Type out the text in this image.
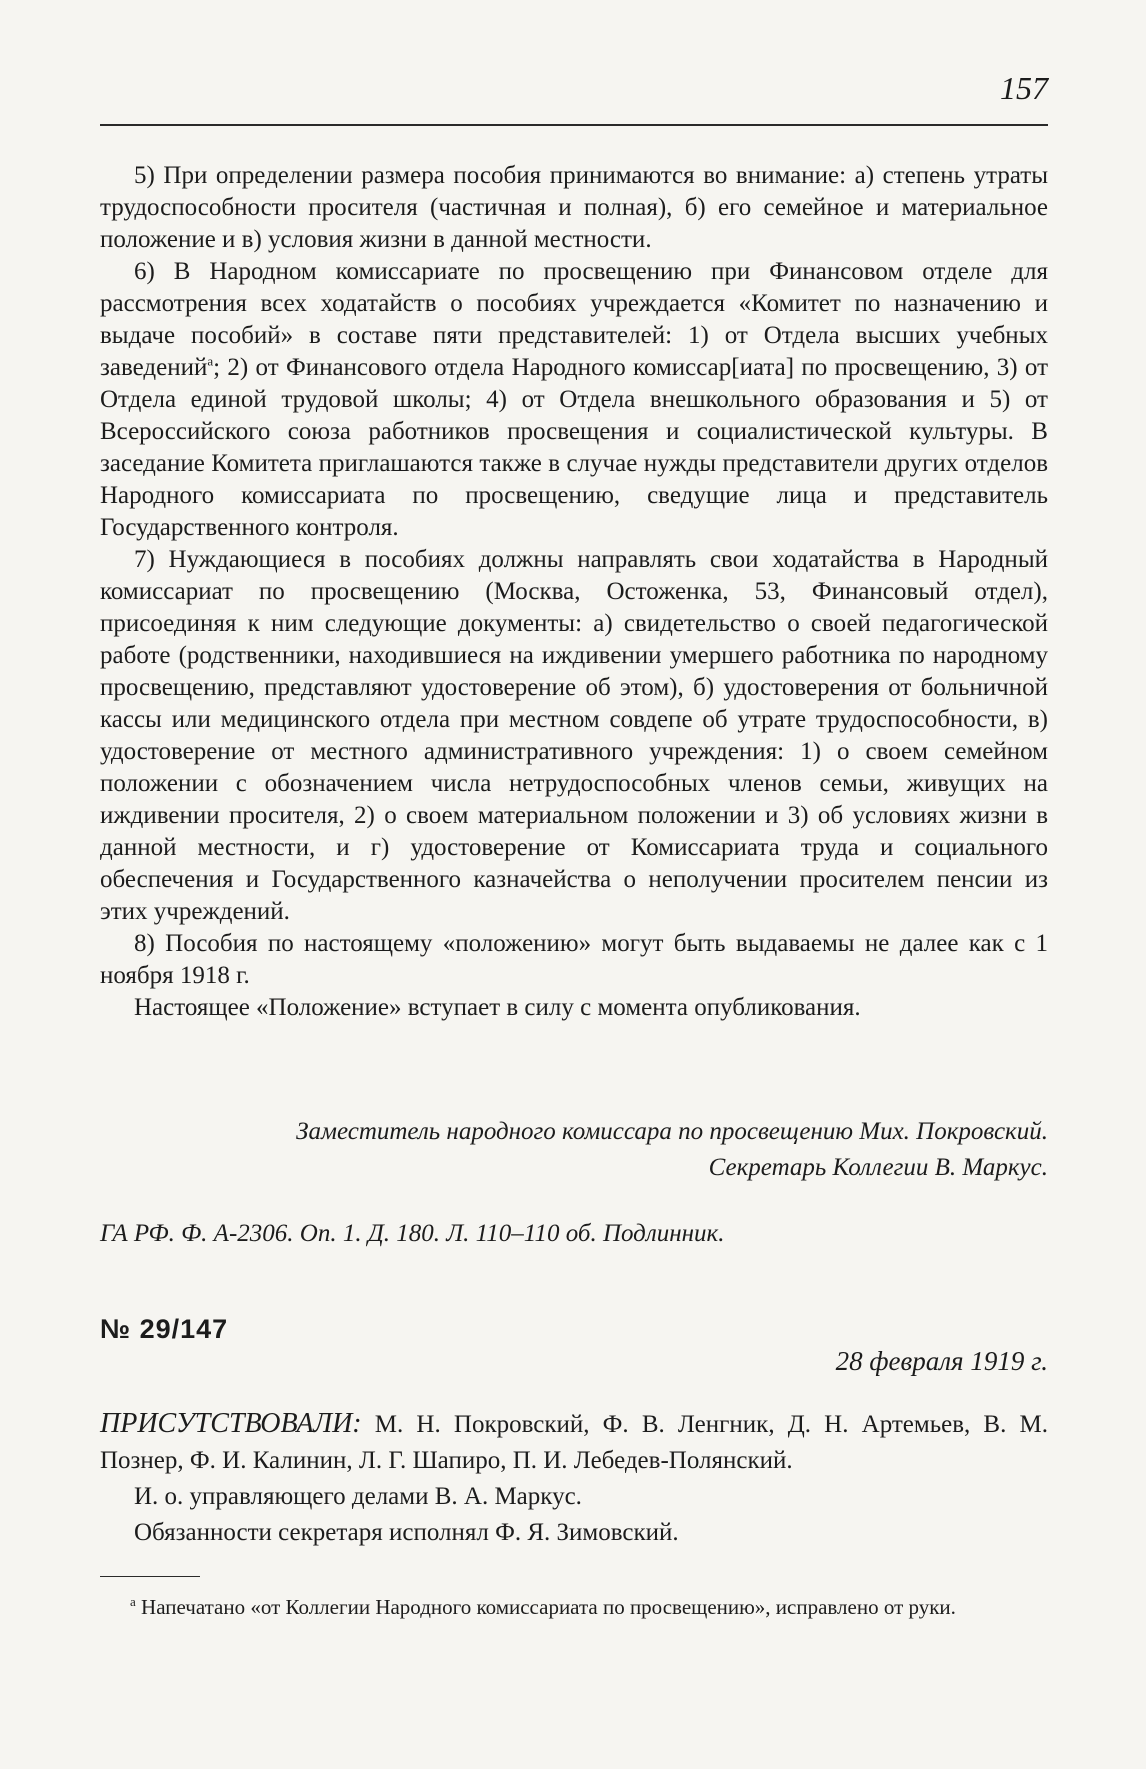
157

5) При определении размера пособия принимаются во внимание: а) степень утраты трудоспособности просителя (частичная и полная), б) его семейное и материальное положение и в) условия жизни в данной местности.

6) В Народном комиссариате по просвещению при Финансовом отделе для рассмотрения всех ходатайств о пособиях учреждается «Комитет по назначению и выдаче пособий» в составе пяти представителей: 1) от Отдела высших учебных заведений$^а$; 2) от Финансового отдела Народного комиссар[иата] по просвещению, 3) от Отдела единой трудовой школы; 4) от Отдела внешкольного образования и 5) от Всероссийского союза работников просвещения и социалистической культуры. В заседание Комитета приглашаются также в случае нужды представители других отделов Народного комиссариата по просвещению, сведущие лица и представитель Государственного контроля.

7) Нуждающиеся в пособиях должны направлять свои ходатайства в Народный комиссариат по просвещению (Москва, Остоженка, 53, Финансовый отдел), присоединяя к ним следующие документы: а) свидетельство о своей педагогической работе (родственники, находившиеся на иждивении умершего работника по народному просвещению, представляют удостоверение об этом), б) удостоверения от больничной кассы или медицинского отдела при местном совдепе об утрате трудоспособности, в) удостоверение от местного административного учреждения: 1) о своем семейном положении с обозначением числа нетрудоспособных членов семьи, живущих на иждивении просителя, 2) о своем материальном положении и 3) об условиях жизни в данной местности, и г) удостоверение от Комиссариата труда и социального обеспечения и Государственного казначейства о неполучении просителем пенсии из этих учреждений.

8) Пособия по настоящему «положению» могут быть выдаваемы не далее как с 1 ноября 1918 г.

Настоящее «Положение» вступает в силу с момента опубликования.

Заместитель народного комиссара по просвещению Мих. Покровский.
Секретарь Коллегии В. Маркус.
ГА РФ. Ф. А-2306. Оп. 1. Д. 180. Л. 110–110 об. Подлинник.
№ 29/147
28 февраля 1919 г.

ПРИСУТСТВОВАЛИ: М. Н. Покровский, Ф. В. Ленгник, Д. Н. Артемьев, В. М. Познер, Ф. И. Калинин, Л. Г. Шапиро, П. И. Лебедев-Полянский.

И. о. управляющего делами В. А. Маркус.

Обязанности секретаря исполнял Ф. Я. Зимовский.

$^а$ Напечатано «от Коллегии Народного комиссариата по просвещению», исправлено от руки.
